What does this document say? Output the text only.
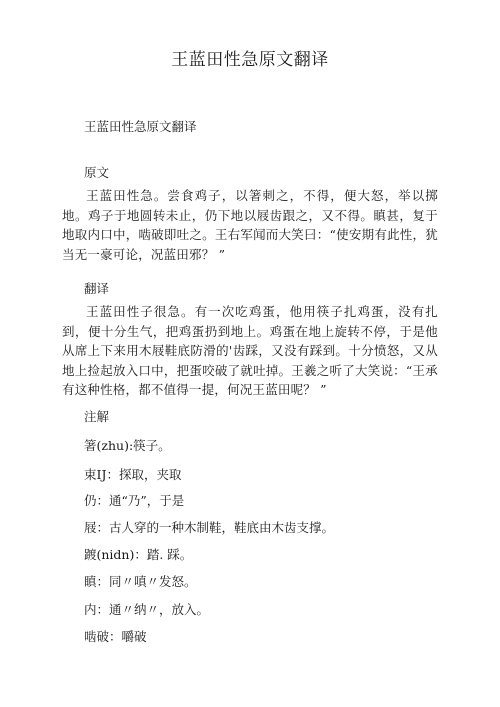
王蓝田性急原文翻译
王蓝田性急原文翻译
原文
王蓝田性急。尝食鸡子，以箸刺之，不得，便大怒，举以掷地。鸡子于地圆转未止，仍下地以屐齿跟之，又不得。瞋甚，复于地取内口中，啮破即吐之。王右军闻而大笑曰：“使安期有此性，犹当无一豪可论，况蓝田邪？ ”
翻译
王蓝田性子很急。有一次吃鸡蛋，他用筷子扎鸡蛋，没有扎到，便十分生气，把鸡蛋扔到地上。鸡蛋在地上旋转不停，于是他从席上下来用木屐鞋底防滑的'齿踩，又没有踩到。十分愤怒，又从地上捡起放入口中，把蛋咬破了就吐掉。王羲之听了大笑说：“王承有这种性格，都不值得一提，何况王蓝田呢？ ”
注解
箸(zhu):筷子。
束IJ：探取，夹取
仍：通“乃”，于是
屐：古人穿的一种木制鞋，鞋底由木齿支撑。
踱(nidn)：踏. 踩。
瞋：同〃嗔〃发怒。
内：通〃纳〃，放入。
啮破：嚼破
